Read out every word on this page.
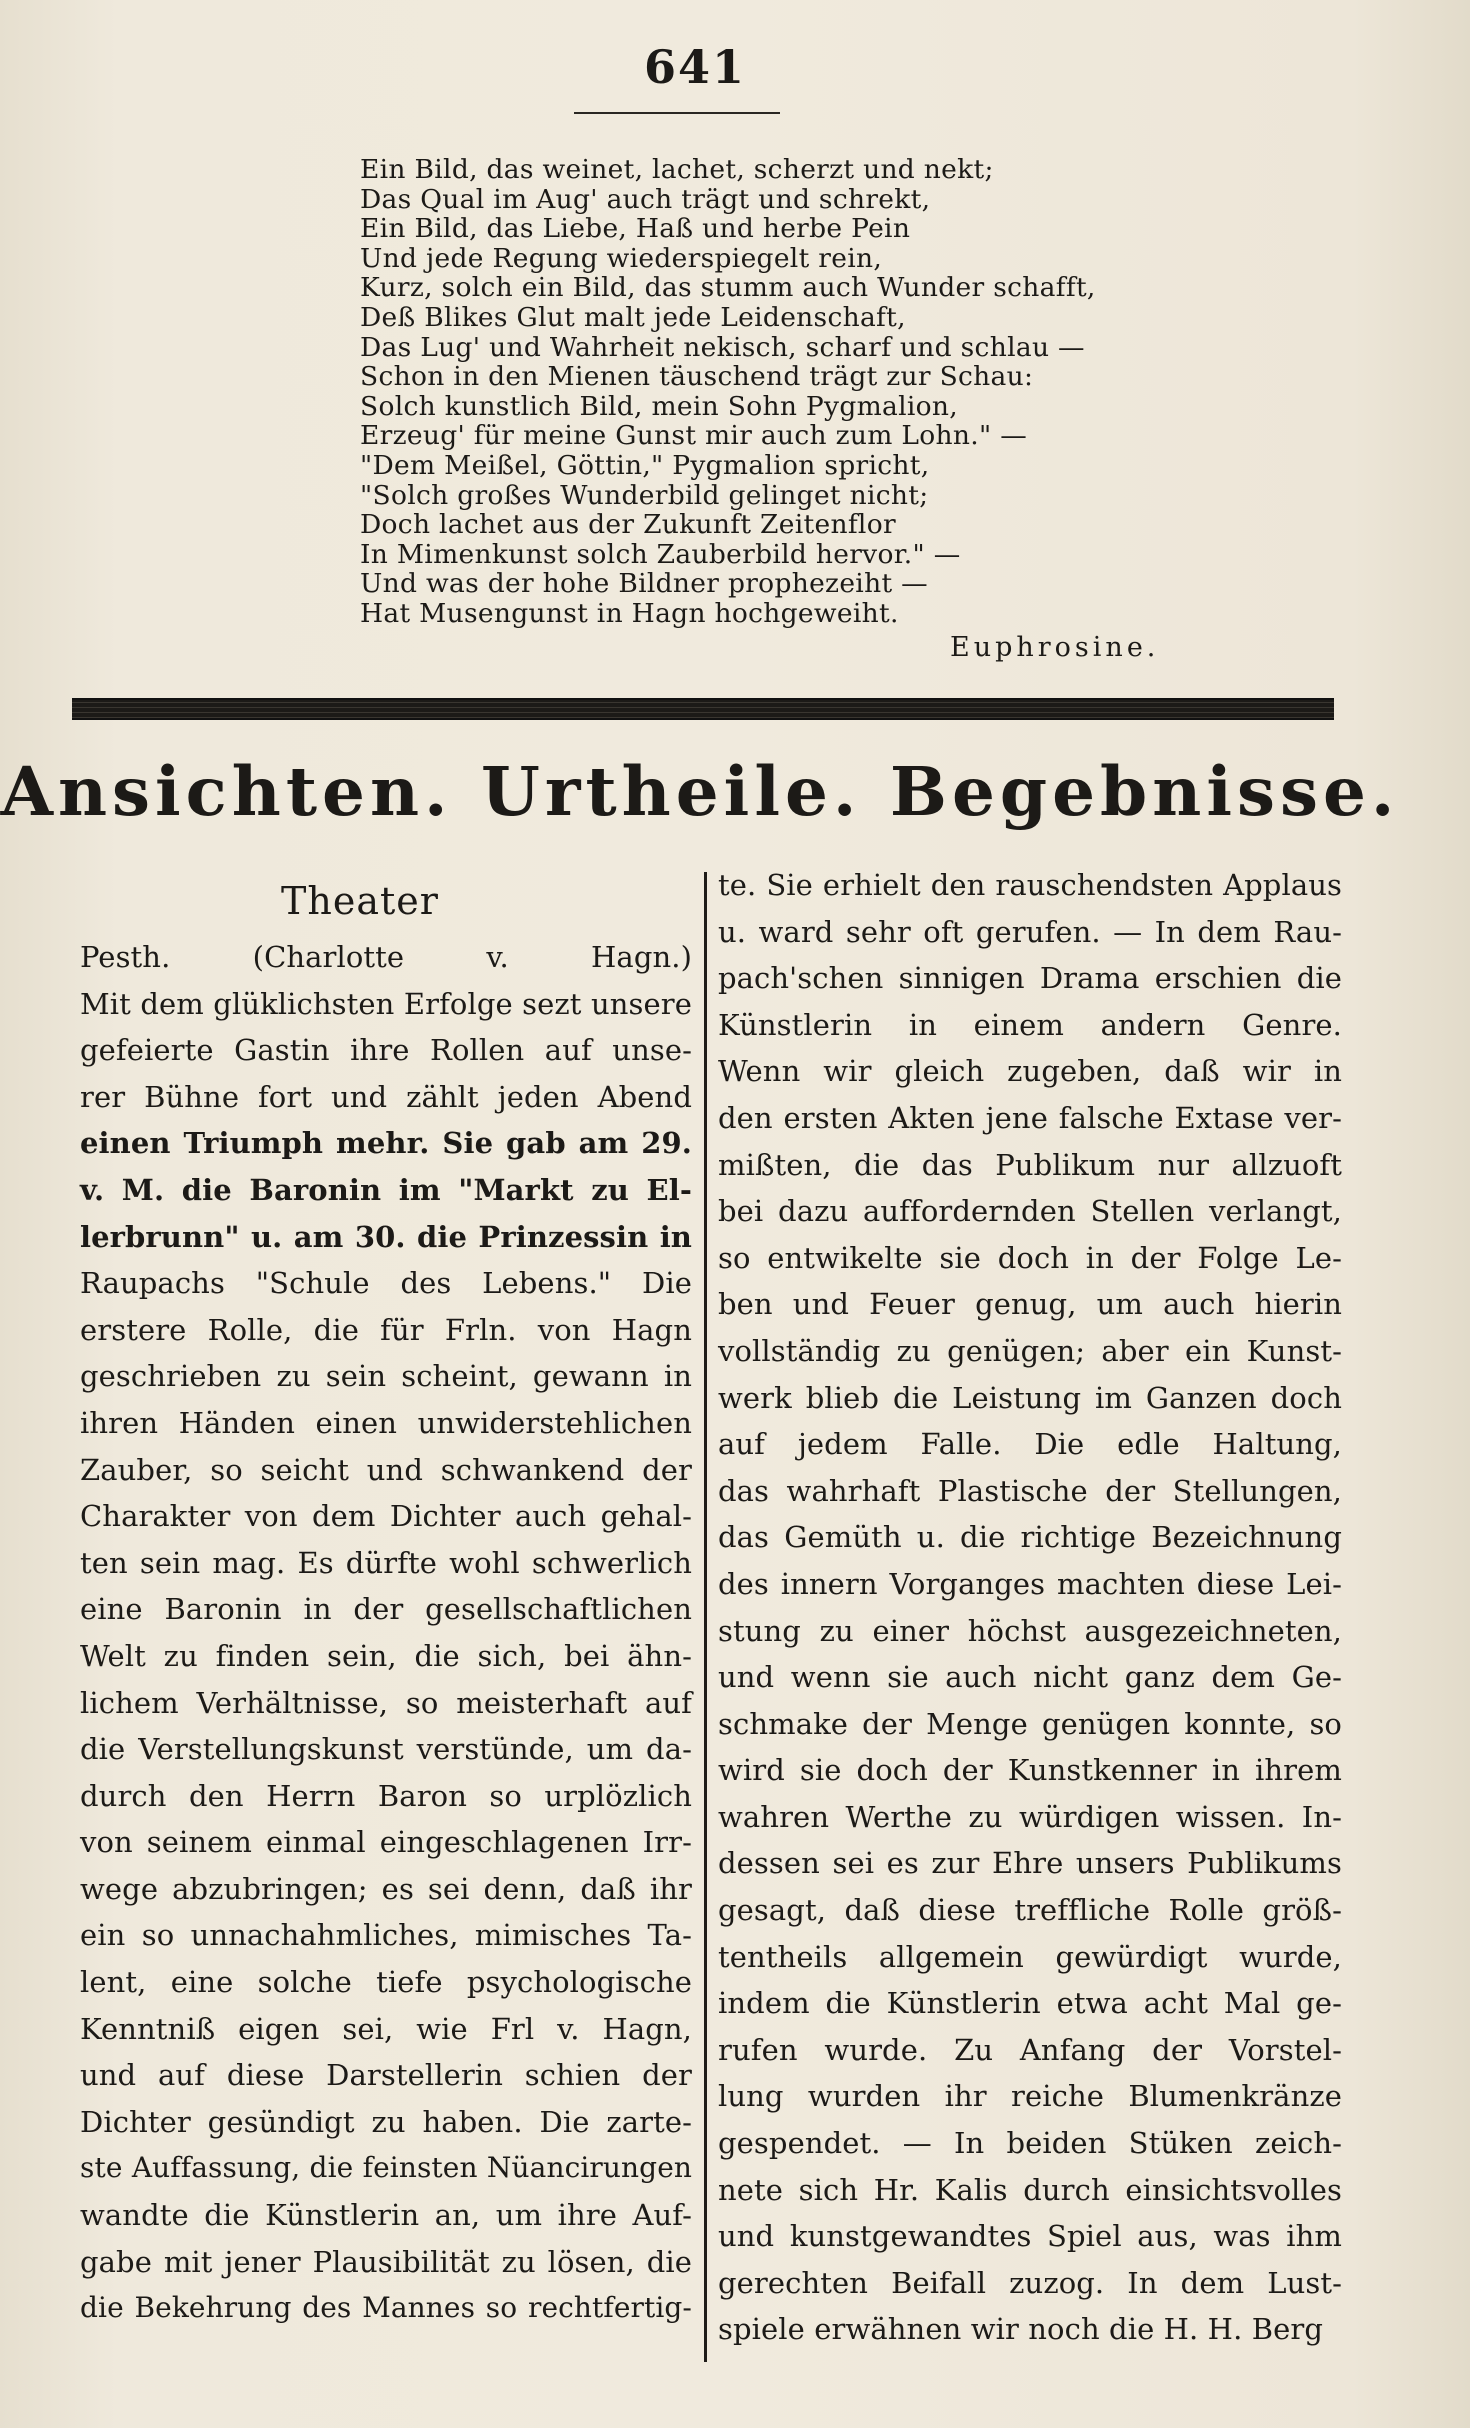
641
Ein Bild, das weinet, lachet, scherzt und nekt;
Das Qual im Aug' auch trägt und schrekt,
Ein Bild, das Liebe, Haß und herbe Pein
Und jede Regung wiederspiegelt rein,
Kurz, solch ein Bild, das stumm auch Wunder schafft,
Deß Blikes Glut malt jede Leidenschaft,
Das Lug' und Wahrheit nekisch, scharf und schlau —
Schon in den Mienen täuschend trägt zur Schau:
Solch kunstlich Bild, mein Sohn Pygmalion,
Erzeug' für meine Gunst mir auch zum Lohn." —
"Dem Meißel, Göttin," Pygmalion spricht,
"Solch großes Wunderbild gelinget nicht;
Doch lachet aus der Zukunft Zeitenflor
In Mimenkunst solch Zauberbild hervor." —
Und was der hohe Bildner prophezeiht —
Hat Musengunst in Hagn hochgeweiht.
Euphrosine.
Ansichten. Urtheile. Begebnisse.
Theater
Pesth. (Charlotte v. Hagn.)
Mit dem glüklichsten Erfolge sezt unsere
gefeierte Gastin ihre Rollen auf unse-
rer Bühne fort und zählt jeden Abend
einen Triumph mehr. Sie gab am 29.
v. M. die Baronin im "Markt zu El-
lerbrunn" u. am 30. die Prinzessin in
Raupachs "Schule des Lebens." Die
erstere Rolle, die für Frln. von Hagn
geschrieben zu sein scheint, gewann in
ihren Händen einen unwiderstehlichen
Zauber, so seicht und schwankend der
Charakter von dem Dichter auch gehal-
ten sein mag. Es dürfte wohl schwerlich
eine Baronin in der gesellschaftlichen
Welt zu finden sein, die sich, bei ähn-
lichem Verhältnisse, so meisterhaft auf
die Verstellungskunst verstünde, um da-
durch den Herrn Baron so urplözlich
von seinem einmal eingeschlagenen Irr-
wege abzubringen; es sei denn, daß ihr
ein so unnachahmliches, mimisches Ta-
lent, eine solche tiefe psychologische
Kenntniß eigen sei, wie Frl v. Hagn,
und auf diese Darstellerin schien der
Dichter gesündigt zu haben. Die zarte-
ste Auffassung, die feinsten Nüancirungen
wandte die Künstlerin an, um ihre Auf-
gabe mit jener Plausibilität zu lösen, die
die Bekehrung des Mannes so rechtfertig-
te. Sie erhielt den rauschendsten Applaus
u. ward sehr oft gerufen. — In dem Rau-
pach'schen sinnigen Drama erschien die
Künstlerin in einem andern Genre.
Wenn wir gleich zugeben, daß wir in
den ersten Akten jene falsche Extase ver-
mißten, die das Publikum nur allzuoft
bei dazu auffordernden Stellen verlangt,
so entwikelte sie doch in der Folge Le-
ben und Feuer genug, um auch hierin
vollständig zu genügen; aber ein Kunst-
werk blieb die Leistung im Ganzen doch
auf jedem Falle. Die edle Haltung,
das wahrhaft Plastische der Stellungen,
das Gemüth u. die richtige Bezeichnung
des innern Vorganges machten diese Lei-
stung zu einer höchst ausgezeichneten,
und wenn sie auch nicht ganz dem Ge-
schmake der Menge genügen konnte, so
wird sie doch der Kunstkenner in ihrem
wahren Werthe zu würdigen wissen. In-
dessen sei es zur Ehre unsers Publikums
gesagt, daß diese treffliche Rolle größ-
tentheils allgemein gewürdigt wurde,
indem die Künstlerin etwa acht Mal ge-
rufen wurde. Zu Anfang der Vorstel-
lung wurden ihr reiche Blumenkränze
gespendet. — In beiden Stüken zeich-
nete sich Hr. Kalis durch einsichtsvolles
und kunstgewandtes Spiel aus, was ihm
gerechten Beifall zuzog. In dem Lust-
spiele erwähnen wir noch die H. H. Berg
